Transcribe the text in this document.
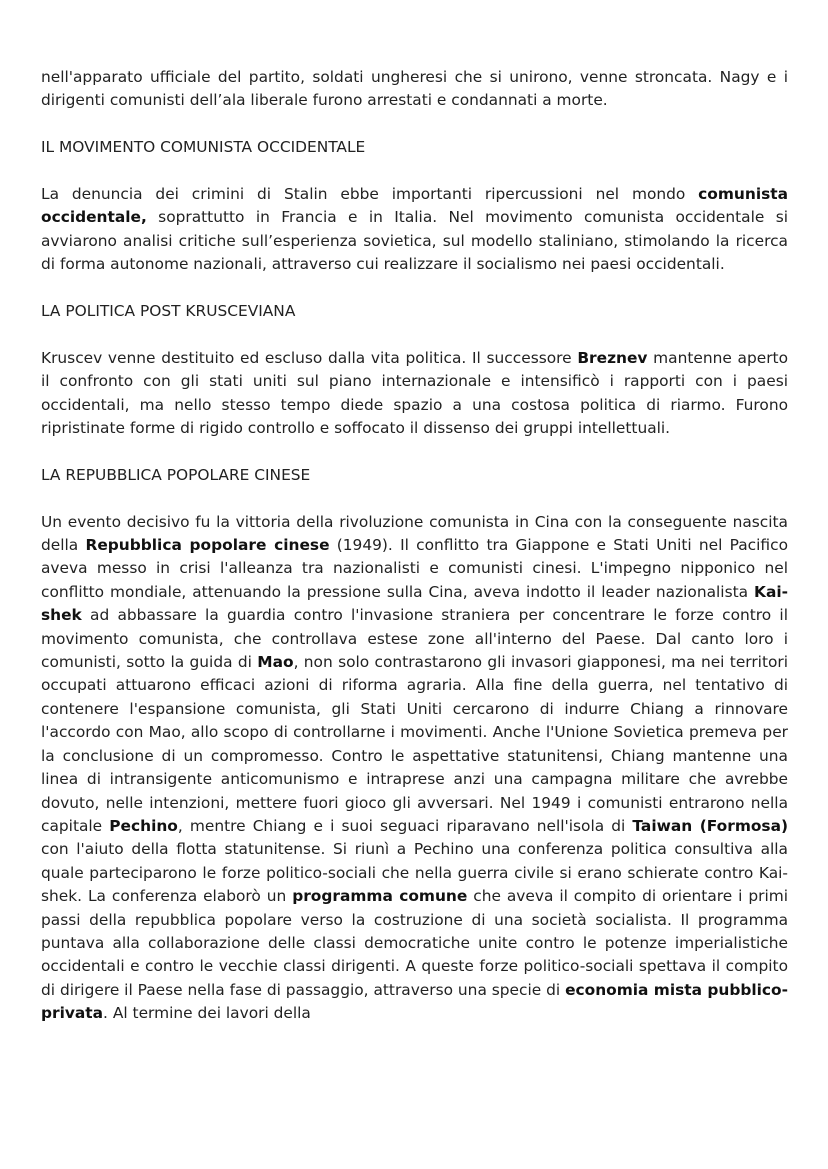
nell'apparato ufficiale del partito, soldati ungheresi che si unirono, venne stroncata. Nagy e i dirigenti comunisti dell’ala liberale furono arrestati e condannati a morte.

IL MOVIMENTO COMUNISTA OCCIDENTALE

La denuncia dei crimini di Stalin ebbe importanti ripercussioni nel mondo comunista occidentale, soprattutto in Francia e in Italia. Nel movimento comunista occidentale si avviarono analisi critiche sull’esperienza sovietica, sul modello staliniano, stimolando la ricerca di forma autonome nazionali, attraverso cui realizzare il socialismo nei paesi occidentali.

LA POLITICA POST KRUSCEVIANA

Kruscev venne destituito ed escluso dalla vita politica. Il successore Breznev mantenne aperto il confronto con gli stati uniti sul piano internazionale e intensificò i rapporti con i paesi occidentali, ma nello stesso tempo diede spazio a una costosa politica di riarmo. Furono ripristinate forme di rigido controllo e soffocato il dissenso dei gruppi intellettuali.

LA REPUBBLICA POPOLARE CINESE

Un evento decisivo fu la vittoria della rivoluzione comunista in Cina con la conseguente nascita della Repubblica popolare cinese (1949). Il conflitto tra Giappone e Stati Uniti nel Pacifico aveva messo in crisi l'alleanza tra nazionalisti e comunisti cinesi. L'impegno nipponico nel conflitto mondiale, attenuando la pressione sulla Cina, aveva indotto il leader nazionalista Kai-shek ad abbassare la guardia contro l'invasione straniera per concentrare le forze contro il movimento comunista, che controllava estese zone all'interno del Paese. Dal canto loro i comunisti, sotto la guida di Mao, non solo contrastarono gli invasori giapponesi, ma nei territori occupati attuarono efficaci azioni di riforma agraria. Alla fine della guerra, nel tentativo di contenere l'espansione comunista, gli Stati Uniti cercarono di indurre Chiang a rinnovare l'accordo con Mao, allo scopo di controllarne i movimenti. Anche l'Unione Sovietica premeva per la conclusione di un compromesso. Contro le aspettative statunitensi, Chiang mantenne una linea di intransigente anticomunismo e intraprese anzi una campagna militare che avrebbe dovuto, nelle intenzioni, mettere fuori gioco gli avversari. Nel 1949 i comunisti entrarono nella capitale Pechino, mentre Chiang e i suoi seguaci riparavano nell'isola di Taiwan (Formosa) con l'aiuto della flotta statunitense. Si riunì a Pechino una conferenza politica consultiva alla quale parteciparono le forze politico-sociali che nella guerra civile si erano schierate contro Kai-shek. La conferenza elaborò un programma comune che aveva il compito di orientare i primi passi della repubblica popolare verso la costruzione di una società socialista. Il programma puntava alla collaborazione delle classi democratiche unite contro le potenze imperialistiche occidentali e contro le vecchie classi dirigenti. A queste forze politico-sociali spettava il compito di dirigere il Paese nella fase di passaggio, attraverso una specie di economia mista pubblico-privata. Al termine dei lavori della
